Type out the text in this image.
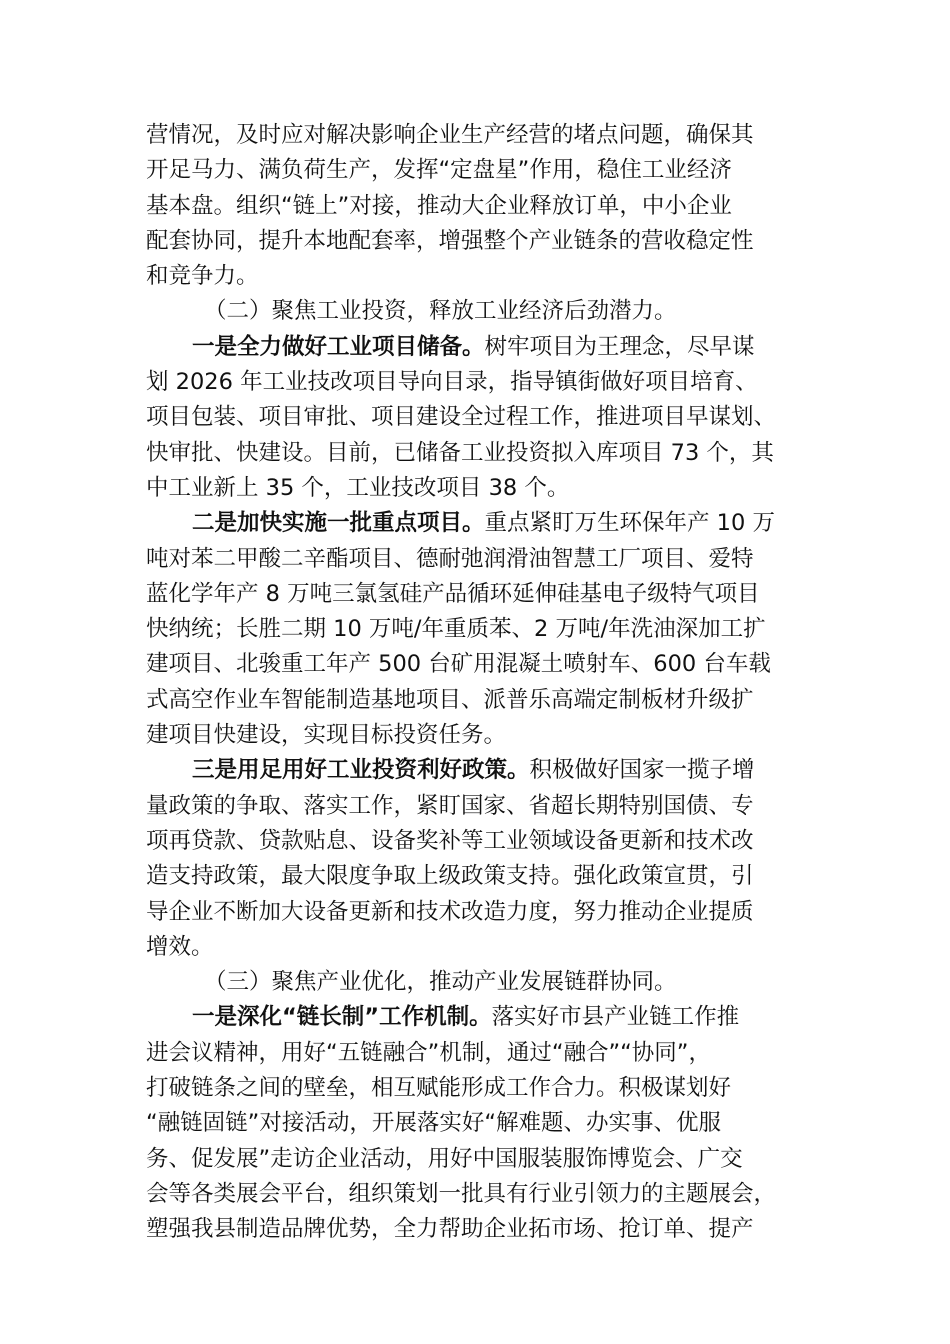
营情况，及时应对解决影响企业生产经营的堵点问题，确保其
开足马力、满负荷生产，发挥“定盘星”作用，稳住工业经济
基本盘。组织“链上”对接，推动大企业释放订单，中小企业
配套协同，提升本地配套率，增强整个产业链条的营收稳定性
和竞争力。
（二）聚焦工业投资，释放工业经济后劲潜力。
一是全力做好工业项目储备。树牢项目为王理念，尽早谋
划 2026 年工业技改项目导向目录，指导镇街做好项目培育、
项目包装、项目审批、项目建设全过程工作，推进项目早谋划、
快审批、快建设。目前，已储备工业投资拟入库项目 73 个，其
中工业新上 35 个，工业技改项目 38 个。
二是加快实施一批重点项目。重点紧盯万生环保年产 10 万
吨对苯二甲酸二辛酯项目、德耐弛润滑油智慧工厂项目、爱特
蓝化学年产 8 万吨三氯氢硅产品循环延伸硅基电子级特气项目
快纳统；长胜二期 10 万吨/年重质苯、2 万吨/年洗油深加工扩
建项目、北骏重工年产 500 台矿用混凝土喷射车、600 台车载
式高空作业车智能制造基地项目、派普乐高端定制板材升级扩
建项目快建设，实现目标投资任务。
三是用足用好工业投资利好政策。积极做好国家一揽子增
量政策的争取、落实工作，紧盯国家、省超长期特别国债、专
项再贷款、贷款贴息、设备奖补等工业领域设备更新和技术改
造支持政策，最大限度争取上级政策支持。强化政策宣贯，引
导企业不断加大设备更新和技术改造力度，努力推动企业提质
增效。
（三）聚焦产业优化，推动产业发展链群协同。
一是深化“链长制”工作机制。落实好市县产业链工作推
进会议精神，用好“五链融合”机制，通过“融合”“协同”，
打破链条之间的壁垒，相互赋能形成工作合力。积极谋划好
“融链固链”对接活动，开展落实好“解难题、办实事、优服
务、促发展”走访企业活动，用好中国服装服饰博览会、广交
会等各类展会平台，组织策划一批具有行业引领力的主题展会，
塑强我县制造品牌优势，全力帮助企业拓市场、抢订单、提产
